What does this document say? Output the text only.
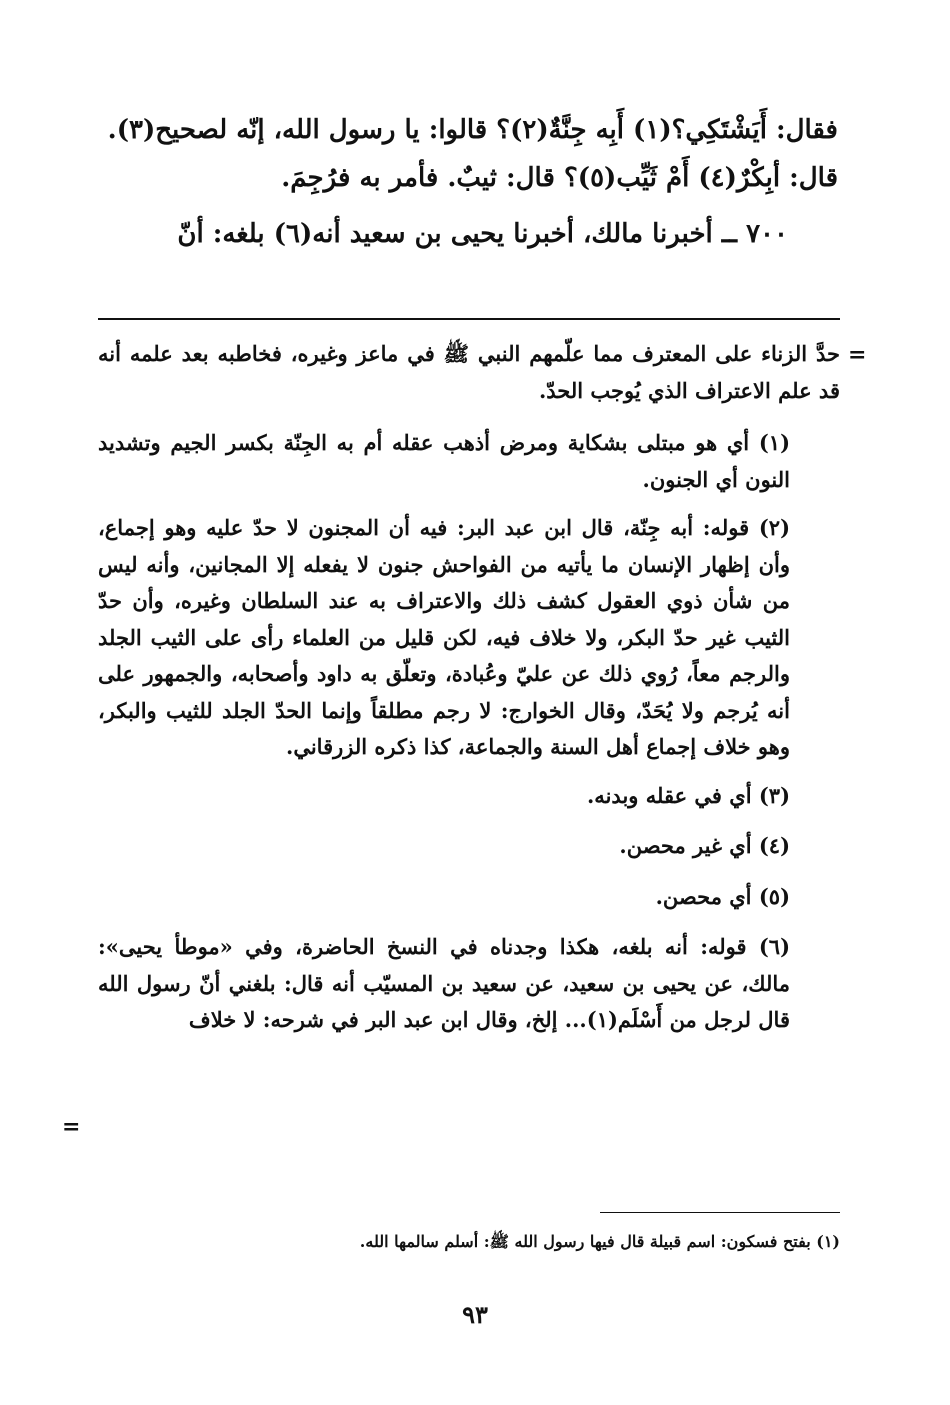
فقال: أَيَشْتَكِي؟(١) أَبِه جِنَّةٌ(٢)؟ قالوا: يا رسول الله، إنّه لصحيح(٣).

قال: أبِكْرٌ(٤) أَمْ ثَيِّب(٥)؟ قال: ثيبٌ. فأمر به فرُجِمَ.

٧٠٠ ــ أخبرنا مالك، أخبرنا يحيى بن سعيد أنه(٦) بلغه: أنّ

=

حدَّ الزناء على المعترف مما علّمهم النبي ﷺ في ماعز وغيره، فخاطبه بعد علمه أنه قد علم الاعتراف الذي يُوجب الحدّ.

(١) أي هو مبتلى بشكاية ومرض أذهب عقله أم به الجِنّة بكسر الجيم وتشديد النون أي الجنون.

(٢) قوله: أبه جِنّة، قال ابن عبد البر: فيه أن المجنون لا حدّ عليه وهو إجماع، وأن إظهار الإنسان ما يأتيه من الفواحش جنون لا يفعله إلا المجانين، وأنه ليس من شأن ذوي العقول كشف ذلك والاعتراف به عند السلطان وغيره، وأن حدّ الثيب غير حدّ البكر، ولا خلاف فيه، لكن قليل من العلماء رأى على الثيب الجلد والرجم معاً، رُوي ذلك عن عليّ وعُبادة، وتعلّق به داود وأصحابه، والجمهور على أنه يُرجم ولا يُحَدّ، وقال الخوارج: لا رجم مطلقاً وإنما الحدّ الجلد للثيب والبكر، وهو خلاف إجماع أهل السنة والجماعة، كذا ذكره الزرقاني.

(٣) أي في عقله وبدنه.

(٤) أي غير محصن.

(٥) أي محصن.

(٦) قوله: أنه بلغه، هكذا وجدناه في النسخ الحاضرة، وفي «موطأ يحيى»: مالك، عن يحيى بن سعيد، عن سعيد بن المسيّب أنه قال: بلغني أنّ رسول الله قال لرجل من أَسْلَم(١)... إلخ، وقال ابن عبد البر في شرحه: لا خلاف

=
(١) بفتح فسكون: اسم قبيلة قال فيها رسول الله ﷺ: أسلم سالمها الله.
٩٣
